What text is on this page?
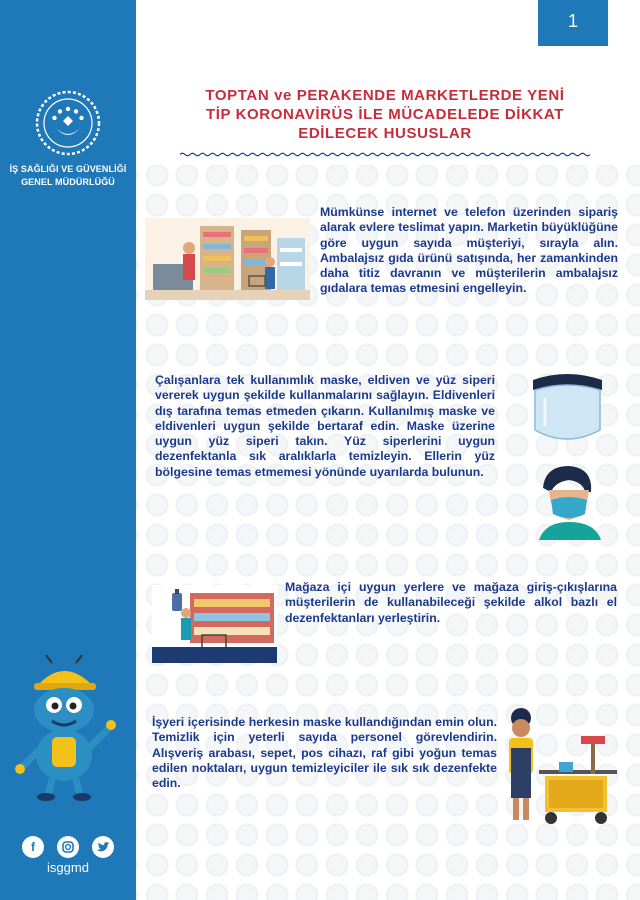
İŞ SAĞLIĞI VE GÜVENLİĞİ
GENEL MÜDÜRLÜĞÜ
f
isggmd
1
TOPTAN ve PERAKENDE MARKETLERDE YENİ
TİP KORONAVİRÜS İLE MÜCADELEDE DİKKAT
EDİLECEK HUSUSLAR
Mümkünse internet ve telefon üzerinden sipariş alarak evlere teslimat yapın. Marketin büyüklüğüne göre uygun sayıda müşteriyi, sırayla alın. Ambalajsız gıda ürünü satışında, her zamankinden daha titiz davranın ve müşterilerin ambalajsız gıdalara temas etmesini engelleyin.
Çalışanlara tek kullanımlık maske, eldiven ve yüz siperi vererek uygun şekilde kullanmalarını sağlayın. Eldivenleri dış tarafına temas etmeden çıkarın. Kullanılmış maske ve eldivenleri uygun şekilde bertaraf edin. Maske üzerine uygun yüz siperi takın. Yüz siperlerini uygun dezenfektanla sık aralıklarla temizleyin. Ellerin yüz bölgesine temas etmemesi yönünde uyarılarda bulunun.
Mağaza içi uygun yerlere ve mağaza giriş-çıkışlarına müşterilerin de kullanabileceği şekilde alkol bazlı el dezenfektanları yerleştirin.
İşyeri içerisinde herkesin maske kullandığından emin olun. Temizlik için yeterli sayıda personel görevlendirin. Alışveriş arabası, sepet, pos cihazı, raf gibi yoğun temas edilen noktaları, uygun temizleyiciler ile sık sık dezenfekte edin.
